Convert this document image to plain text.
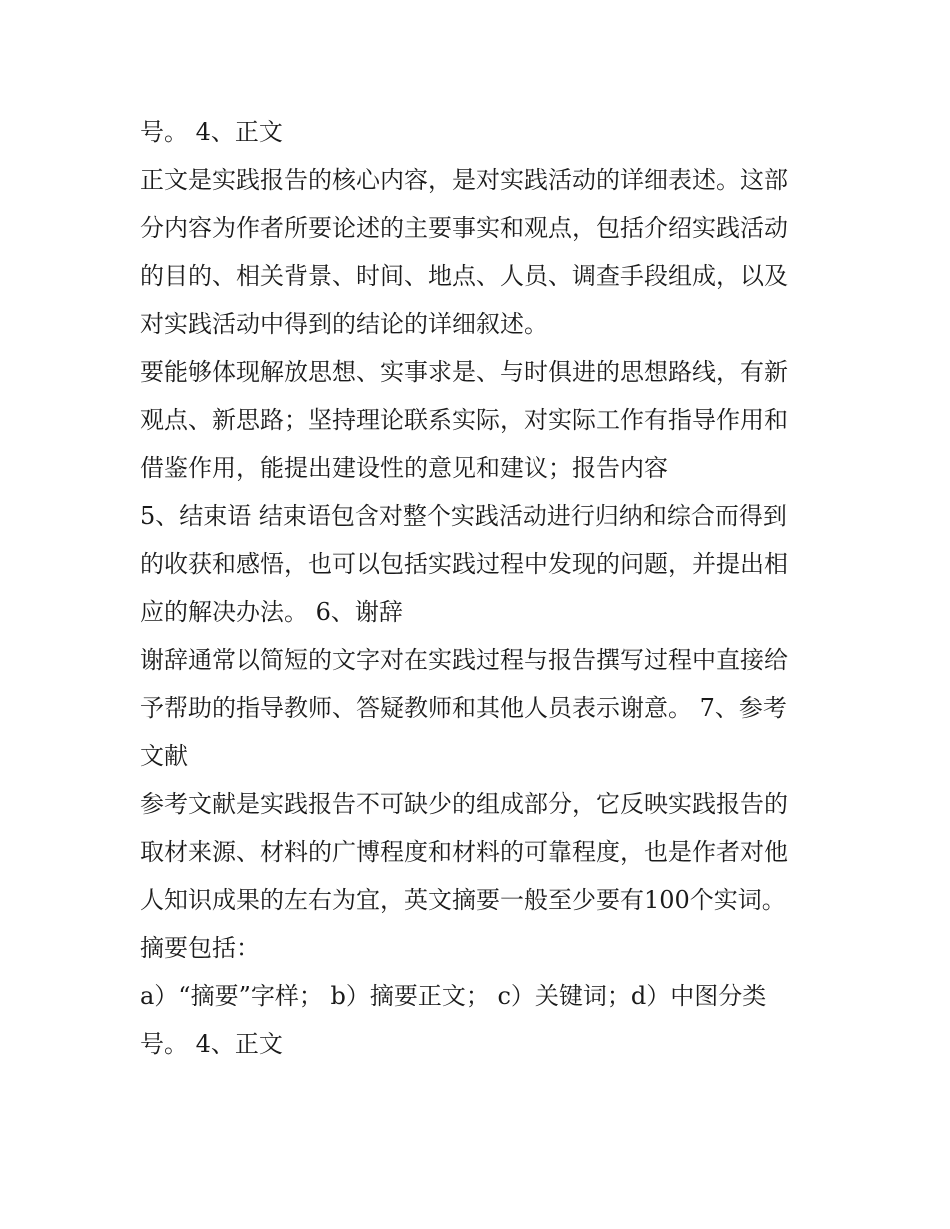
号。 4、正文
正文是实践报告的核心内容，是对实践活动的详细表述。这部
分内容为作者所要论述的主要事实和观点，包括介绍实践活动
的目的、相关背景、时间、地点、人员、调查手段组成，以及
对实践活动中得到的结论的详细叙述。
要能够体现解放思想、实事求是、与时俱进的思想路线，有新
观点、新思路；坚持理论联系实际，对实际工作有指导作用和
借鉴作用，能提出建设性的意见和建议；报告内容
5、结束语 结束语包含对整个实践活动进行归纳和综合而得到
的收获和感悟，也可以包括实践过程中发现的问题，并提出相
应的解决办法。 6、谢辞
谢辞通常以简短的文字对在实践过程与报告撰写过程中直接给
予帮助的指导教师、答疑教师和其他人员表示谢意。 7、参考
文献
参考文献是实践报告不可缺少的组成部分，它反映实践报告的
取材来源、材料的广博程度和材料的可靠程度，也是作者对他
人知识成果的左右为宜，英文摘要一般至少要有100个实词。
摘要包括：
a）“摘要”字样； b）摘要正文； c）关键词；d）中图分类
号。 4、正文
